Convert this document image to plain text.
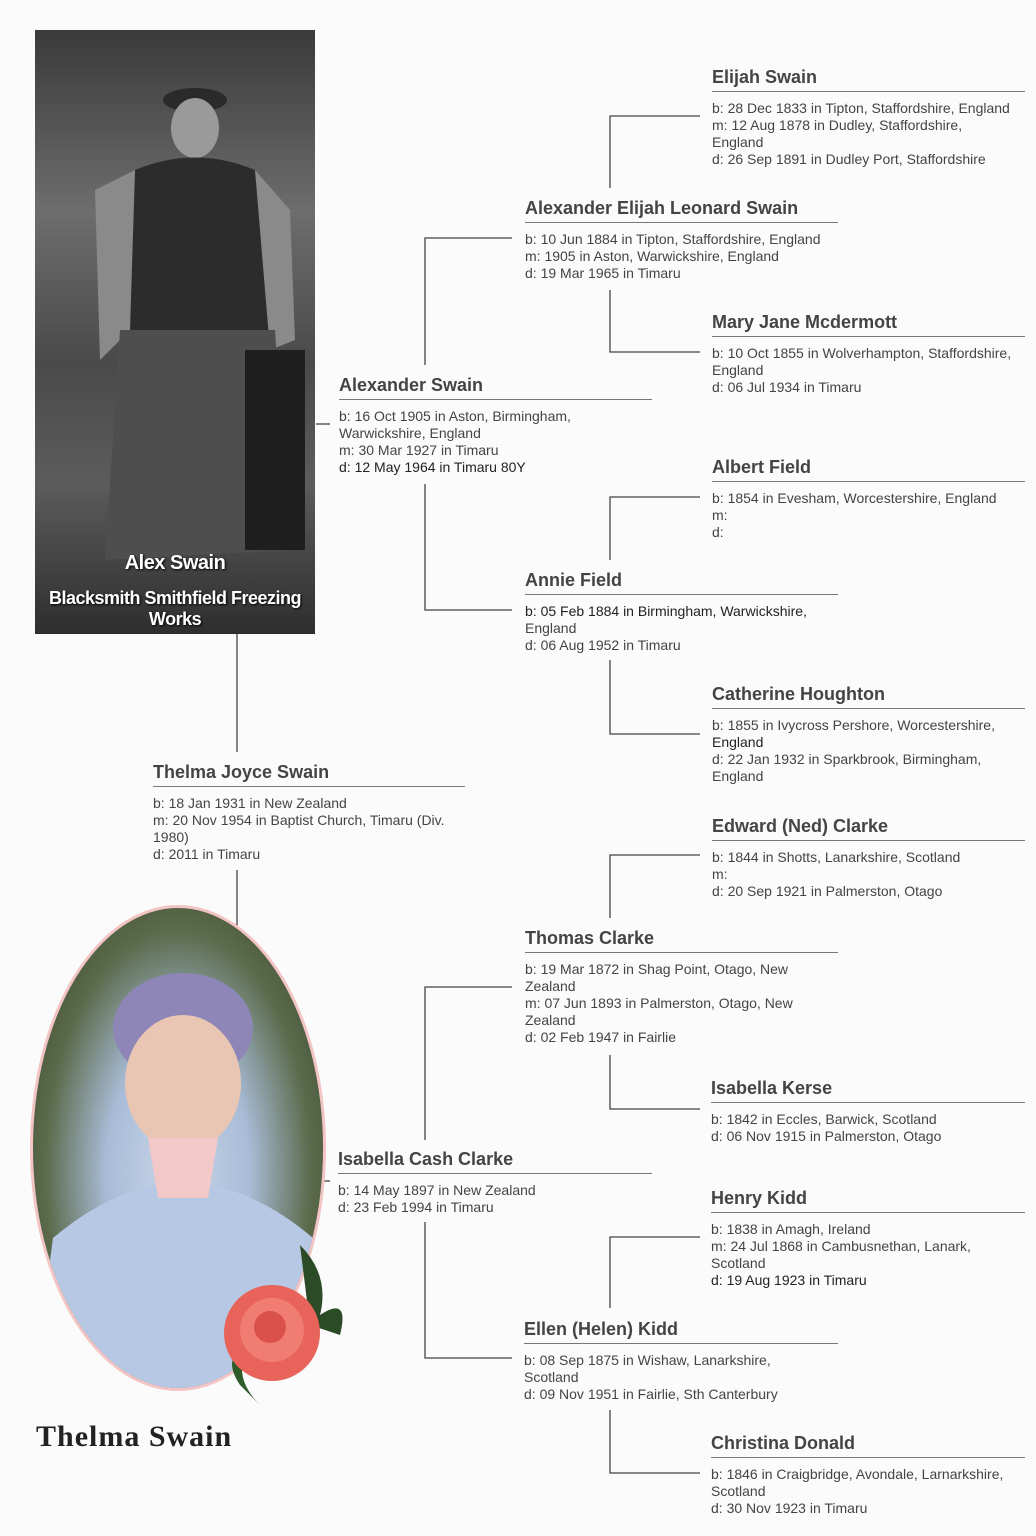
Alex Swain
Blacksmith Smithfield Freezing Works
Thelma Swain
Thelma Joyce Swain
b: 18 Jan 1931 in New Zealand
m: 20 Nov 1954 in Baptist Church, Timaru (Div.
1980)
d: 2011 in Timaru
Alexander Swain
b: 16 Oct 1905 in Aston, Birmingham,
Warwickshire, England
m: 30 Mar 1927 in Timaru
d: 12 May 1964 in Timaru 80Y
Isabella Cash Clarke
b: 14 May 1897 in New Zealand
d: 23 Feb 1994 in Timaru
Alexander Elijah Leonard Swain
b: 10 Jun 1884 in Tipton, Staffordshire, England
m: 1905 in Aston, Warwickshire, England
d: 19 Mar 1965 in Timaru
Annie Field
b: 05 Feb 1884 in Birmingham, Warwickshire,
England
d: 06 Aug 1952 in Timaru
Thomas Clarke
b: 19 Mar 1872 in Shag Point, Otago, New
Zealand
m: 07 Jun 1893 in Palmerston, Otago, New
Zealand
d: 02 Feb 1947 in Fairlie
Ellen (Helen) Kidd
b: 08 Sep 1875 in Wishaw, Lanarkshire,
Scotland
d: 09 Nov 1951 in Fairlie, Sth Canterbury
Elijah Swain
b: 28 Dec 1833 in Tipton, Staffordshire, England
m: 12 Aug 1878 in Dudley, Staffordshire,
England
d: 26 Sep 1891 in Dudley Port, Staffordshire
Mary Jane Mcdermott
b: 10 Oct 1855 in Wolverhampton, Staffordshire,
England
d: 06 Jul 1934 in Timaru
Albert Field
b: 1854 in Evesham, Worcestershire, England
m:
d:
Catherine Houghton
b: 1855 in Ivycross Pershore, Worcestershire,
England
d: 22 Jan 1932 in Sparkbrook, Birmingham,
England
Edward (Ned) Clarke
b: 1844 in Shotts, Lanarkshire, Scotland
m:
d: 20 Sep 1921 in Palmerston, Otago
Isabella Kerse
b: 1842 in Eccles, Barwick, Scotland
d: 06 Nov 1915 in Palmerston, Otago
Henry Kidd
b: 1838 in Amagh, Ireland
m: 24 Jul 1868 in Cambusnethan, Lanark,
Scotland
d: 19 Aug 1923 in Timaru
Christina Donald
b: 1846 in Craigbridge, Avondale, Larnarkshire,
Scotland
d: 30 Nov 1923 in Timaru
